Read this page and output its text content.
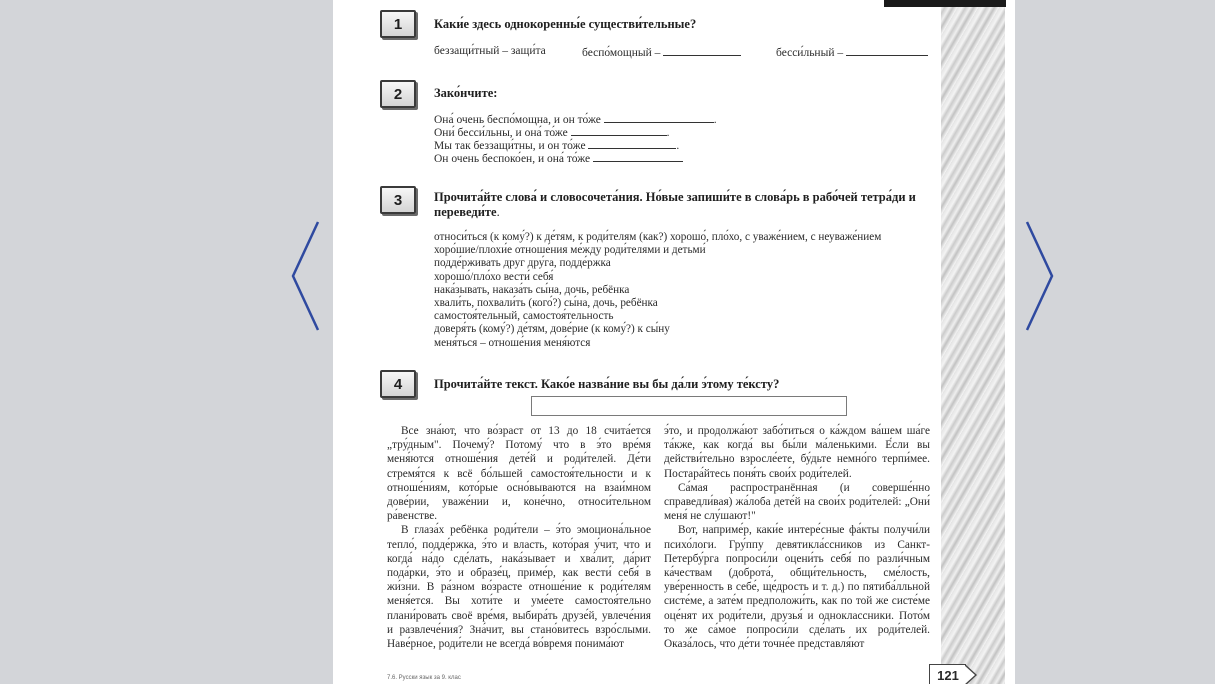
1	Каки́е здесь однокоренны́е существи́тельные?
беззащи́тный – защи́та	беспо́мощный –	бесси́льный –
2	Зако́нчите:
Она́ очень беспо́мощна, и он то́же	.
Они́ бесси́льны, и она́ то́же	.
Мы так беззащи́тны, и он то́же	.
Он очень беспоко́ен, и она́ то́же
3	Прочита́йте слова́ и словосочета́ния. Но́вые запиши́те в слова́рь в рабо́чей тетра́ди и переведи́те.
относи́ться (к кому́?) к де́тям, к роди́телям (как?) хорошо́, пло́хо, с уваже́нием, с неуваже́нием
хоро́шие/плохи́е отноше́ния ме́жду роди́телями и детьми́
подде́рживать друг дру́га, подде́ржка
хорошо́/пло́хо вести́ себя́
нака́зывать, наказа́ть сы́на, дочь, ребёнка
хвали́ть, похвали́ть (кого́?) сы́на, дочь, ребёнка
самостоя́тельный, самостоя́тельность
доверя́ть (кому́?) де́тям, дове́рие (к кому́?) к сы́ну
меня́ться – отноше́ния меня́ются
4	Прочита́йте текст. Како́е назва́ние вы бы да́ли э́тому те́ксту?

Все зна́ют, что во́зраст от 13 до 18 счита́ется „тру́дным". Почему́? Потому́ что в э́то вре́мя меня́ются отноше́ния дете́й и роди́телей. Де́ти стремя́тся к всё бо́льшей самостоя́тельности и к отноше́ниям, кото́рые осно́вываются на взаи́мном дове́рии, уваже́нии и, коне́чно, относи́тельном ра́венстве.

В глаза́х ребёнка роди́тели – э́то эмоциона́льное тепло́, подде́ржка, э́то и власть, кото́рая у́чит, что и когда́ на́до сде́лать, нака́зывает и хва́лит, да́рит пода́рки, э́то и образе́ц, приме́р, как вести́ себя́ в жи́зни. В ра́зном во́зрасте отноше́ние к роди́телям меня́ется. Вы хоти́те и уме́ете самостоя́тельно плани́ровать своё вре́мя, выбира́ть друзе́й, увлече́ния и развлече́ния? Зна́чит, вы стано́витесь взро́слыми. Наве́рное, роди́тели не всегда́ во́время понима́ют

э́то, и продолжа́ют забо́титься о ка́ждом ва́шем ша́ге та́кже, как когда́ вы бы́ли ма́ленькими. Е́сли вы действи́тельно взросле́ете, бу́дьте немно́го терпи́мее. Постара́йтесь поня́ть свои́х роди́телей.

Са́мая распространённая (и соверше́нно справедли́вая) жа́лоба дете́й на свои́х роди́телей: „Они́ меня́ не слу́шают!"

Вот, наприме́р, каки́е интере́сные фа́кты получи́ли психо́логи. Гру́ппу девятикла́ссников из Санкт-Петербу́рга попроси́ли оцени́ть себя́ по разли́чным ка́чествам (доброта́, общи́тельность, сме́лость, уве́ренность в себе́, ще́дрость и т. д.) по пятиба́лльной систе́ме, а зате́м предположи́ть, как по той же систе́ме оце́нят их роди́тели, друзья́ и одноклассники. Пото́м то же са́мое попроси́ли сде́лать их роди́телей. Оказа́лось, что де́ти точне́е представля́ют

7.6. Русски язык за 9. клас	121
